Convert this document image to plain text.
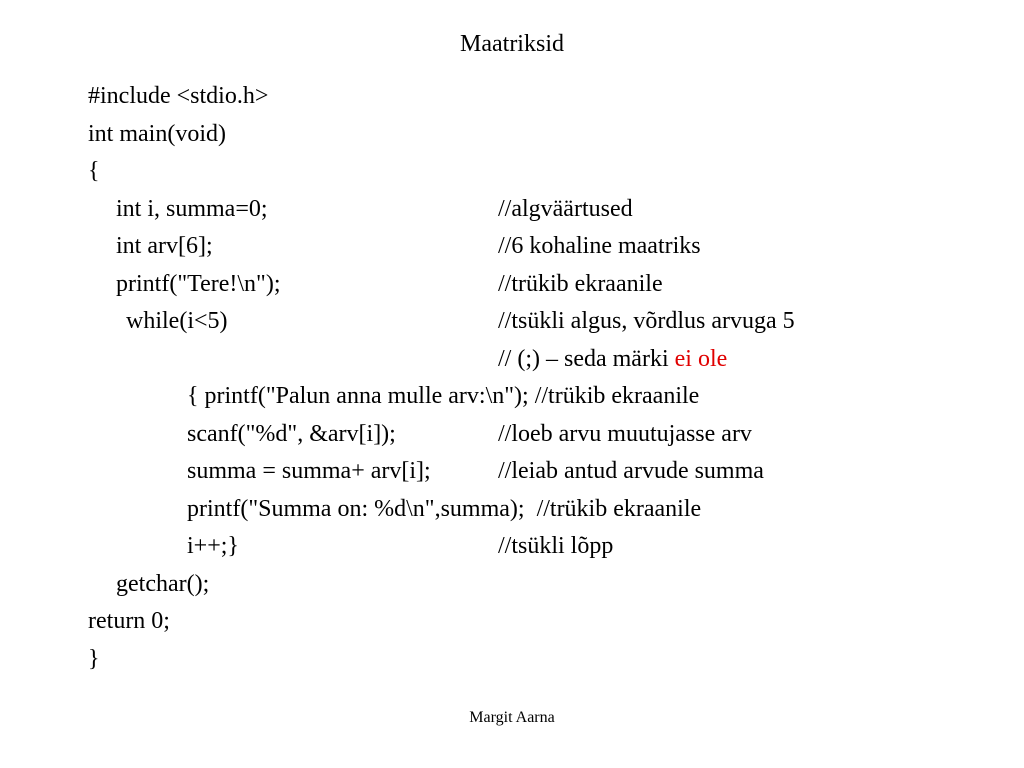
Maatriksid

#include <stdio.h>

int main(void)

{

int i, summa=0;

	//algväärtused

int arv[6];

	//6 kohaline maatriks

printf("Tere!\n");

	//trükib ekraanile

while(i<5)

	//tsükli algus, võrdlus arvuga 5

// (;) – seda märki ei ole

{ printf("Palun anna mulle arv:\n"); //trükib ekraanile

scanf("%d", &arv[i]);

	//loeb arvu muutujasse arv

summa = summa+ arv[i];

	//leiab antud arvude summa

printf("Summa on: %d\n",summa);  //trükib ekraanile

i++;}

	//tsükli lõpp

getchar();

return 0;

}

Margit Aarna
